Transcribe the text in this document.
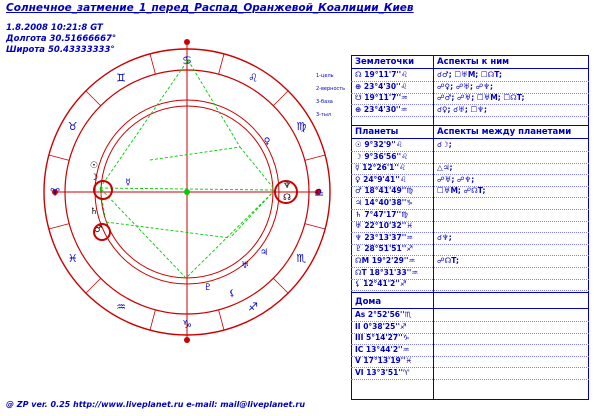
Солнечное_затмение_1_перед_Распад_Оранжевой_Коалиции_Киев
1.8.2008 10:21:8 GT
Долгота 30.51666667°
Широта 50.43333333°
♈
♉
♊
♋
♌
♍
♎
♏
♐
♑
♒
♓
☉
☽
♄
♂
♆
☊
♀
♃
♅
♇
⚸
☿
1-цель
2-верность
3-база
3-тыл
Землеточки	Аспекты к ним
☊ 19°11'7''♌	☌♂; ☐♅M; ☐☊T;
⊕ 23°4'30''♌	☍♀; ☍♅; ☍♆;
☋ 19°11'7''♒	☍♂; ☍♅; ☐♅M; ☐☊T;
⊕ 23°4'30''♒	☌♀; ☌♅; ☐♆;
Планеты	Аспекты между планетами
☉ 9°32'9''♌	☌☽;
☽ 9°36'56''♌
☿ 12°26'1''♌	△♃;
♀ 24°9'41''♌	☍♅; ☍♆;
♂ 18°41'49''♍	☐♅M; ☍☊T;
♃ 14°40'38''♑
♄ 7°47'17''♍
♅ 22°10'32''♓
♆ 23°13'37''♒	☌♆;
♇ 28°51'51''♐
☊M 19°2'29''♒	☍☊T;
☊T 18°31'33''♒
⚸ 12°41'2''♐
Дома
As 2°52'56''♏
II 0°38'25''♐
III 5°14'27''♑
IC 13°44'2''♒
V 17°13'19''♓
VI 13°3'51''♈
@ ZP ver. 0.25 http://www.liveplanet.ru e-mail: mail@liveplanet.ru
